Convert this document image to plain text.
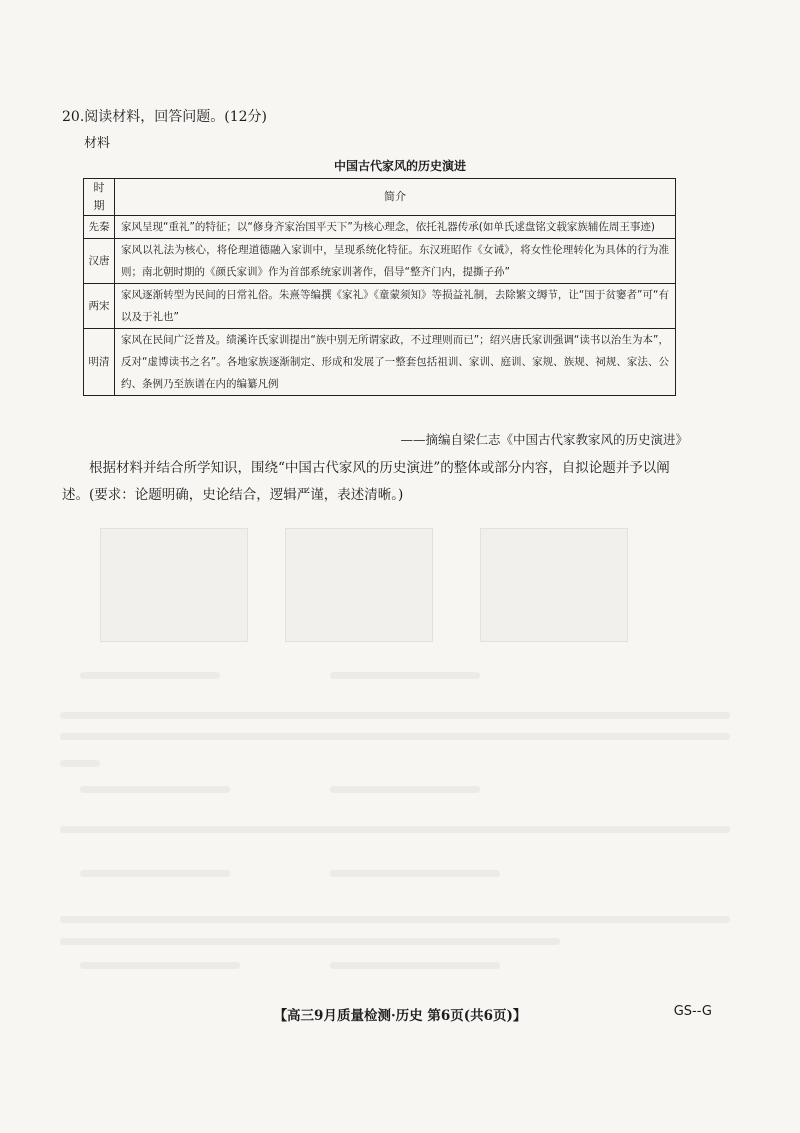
20.阅读材料，回答问题。(12分)
材料
中国古代家风的历史演进
时期	简介
先秦	家风呈现“重礼”的特征；以“修身齐家治国平天下”为核心理念，依托礼器传承(如单氏逑盘铭文载家族辅佐周王事迹)
汉唐	家风以礼法为核心，将伦理道德融入家训中，呈现系统化特征。东汉班昭作《女诫》，将女性伦理转化为具体的行为准则；南北朝时期的《颜氏家训》作为首部系统家训著作，倡导“整齐门内，提撕子孙”
两宋	家风逐渐转型为民间的日常礼俗。朱熹等编撰《家礼》《童蒙须知》等损益礼制，去除繁文缛节，让“国于贫窭者”可“有以及于礼也”
明清	家风在民间广泛普及。绩溪许氏家训提出“族中别无所谓家政，不过理则而已”；绍兴唐氏家训强调“读书以治生为本”，反对“虚博读书之名”。各地家族逐渐制定、形成和发展了一整套包括祖训、家训、庭训、家规、族规、祠规、家法、公约、条例乃至族谱在内的编纂凡例
——摘编自梁仁志《中国古代家教家风的历史演进》
根据材料并结合所学知识，围绕“中国古代家风的历史演进”的整体或部分内容，自拟论题并予以阐述。(要求：论题明确，史论结合，逻辑严谨，表述清晰。)
【高三9月质量检测·历史 第6页(共6页)】	GS--G
